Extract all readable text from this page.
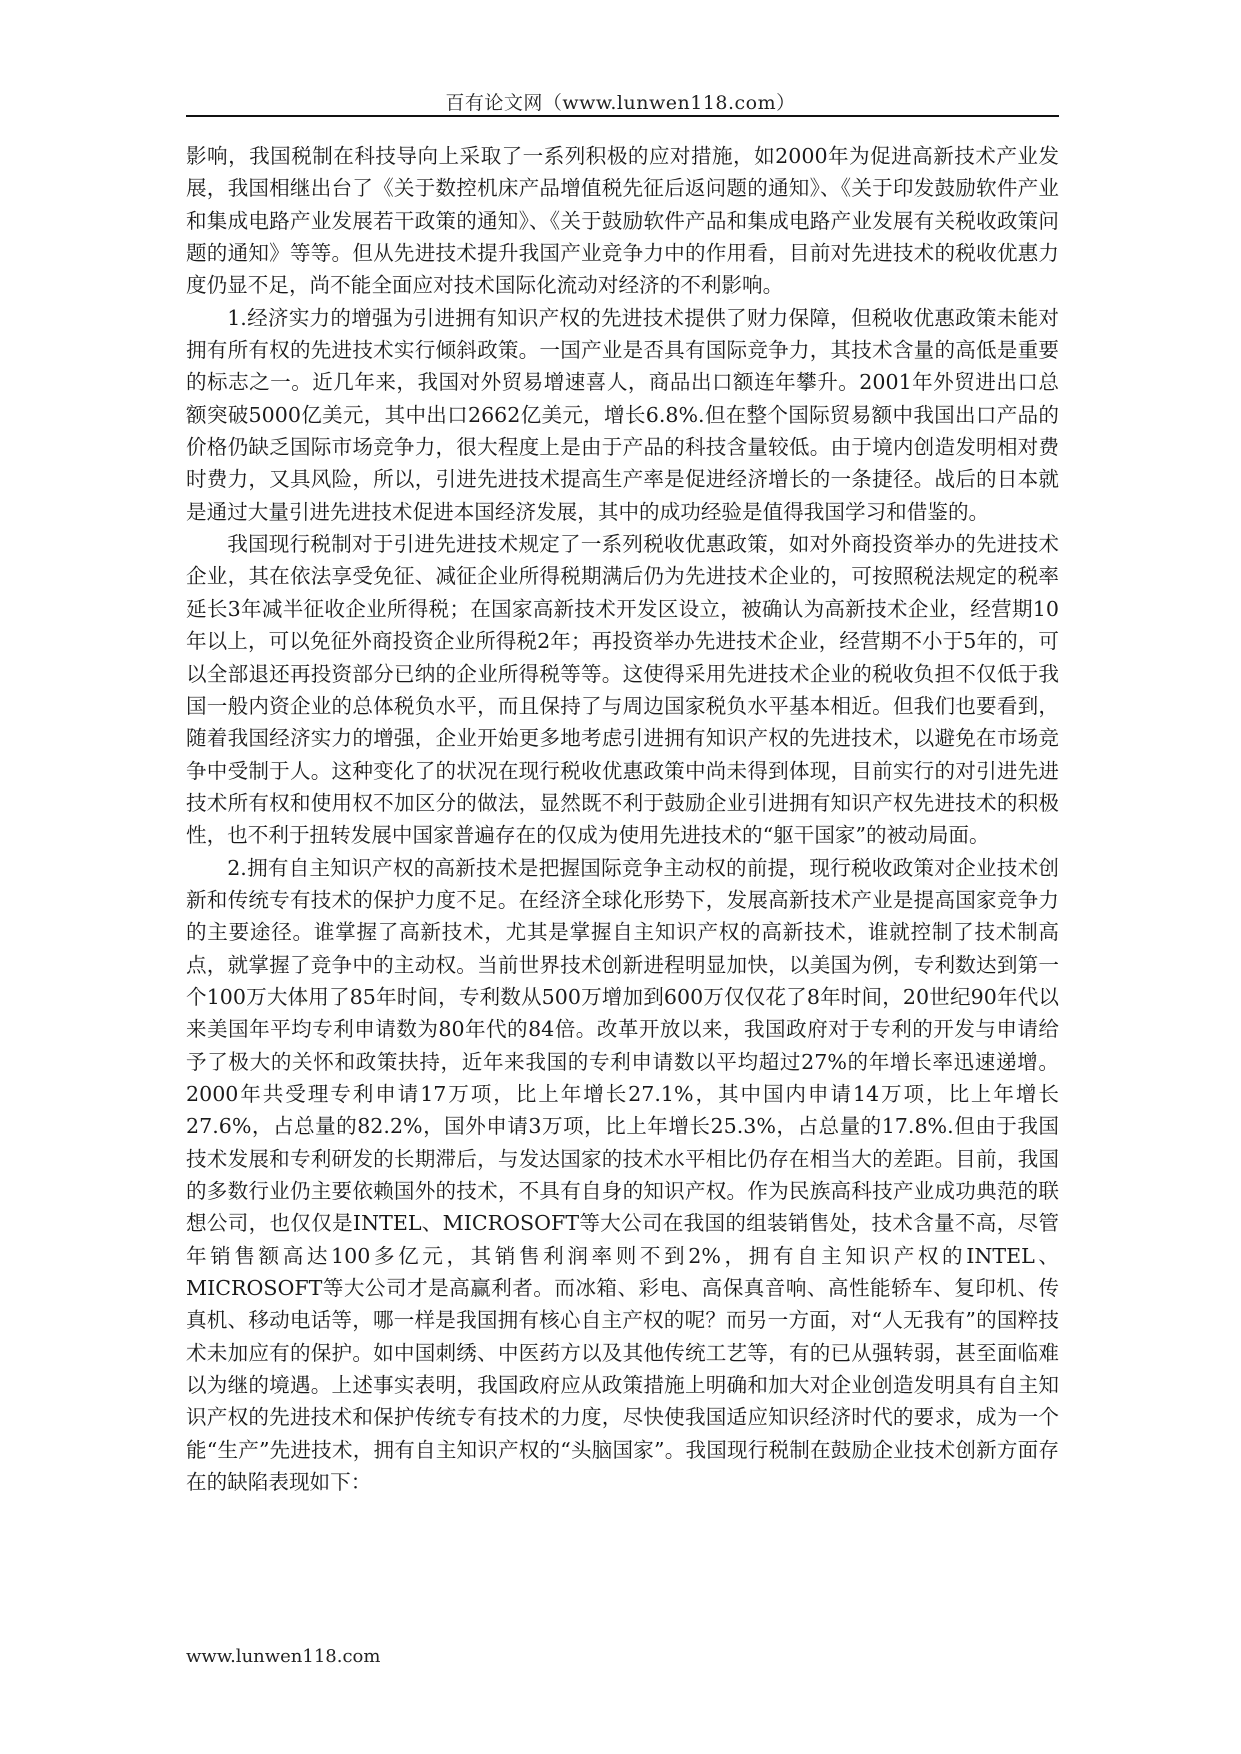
百有论文网（www.lunwen118.com）

影响，我国税制在科技导向上采取了一系列积极的应对措施，如2000年为促进高新技术产业发展，我国相继出台了《关于数控机床产品增值税先征后返问题的通知》、《关于印发鼓励软件产业和集成电路产业发展若干政策的通知》、《关于鼓励软件产品和集成电路产业发展有关税收政策问题的通知》等等。但从先进技术提升我国产业竞争力中的作用看，目前对先进技术的税收优惠力度仍显不足，尚不能全面应对技术国际化流动对经济的不利影响。

1.经济实力的增强为引进拥有知识产权的先进技术提供了财力保障，但税收优惠政策未能对拥有所有权的先进技术实行倾斜政策。一国产业是否具有国际竞争力，其技术含量的高低是重要的标志之一。近几年来，我国对外贸易增速喜人，商品出口额连年攀升。2001年外贸进出口总额突破5000亿美元，其中出口2662亿美元，增长6.8%.但在整个国际贸易额中我国出口产品的价格仍缺乏国际市场竞争力，很大程度上是由于产品的科技含量较低。由于境内创造发明相对费时费力，又具风险，所以，引进先进技术提高生产率是促进经济增长的一条捷径。战后的日本就是通过大量引进先进技术促进本国经济发展，其中的成功经验是值得我国学习和借鉴的。

我国现行税制对于引进先进技术规定了一系列税收优惠政策，如对外商投资举办的先进技术企业，其在依法享受免征、减征企业所得税期满后仍为先进技术企业的，可按照税法规定的税率延长3年减半征收企业所得税；在国家高新技术开发区设立，被确认为高新技术企业，经营期10年以上，可以免征外商投资企业所得税2年；再投资举办先进技术企业，经营期不小于5年的，可以全部退还再投资部分已纳的企业所得税等等。这使得采用先进技术企业的税收负担不仅低于我国一般内资企业的总体税负水平，而且保持了与周边国家税负水平基本相近。但我们也要看到，随着我国经济实力的增强，企业开始更多地考虑引进拥有知识产权的先进技术，以避免在市场竞争中受制于人。这种变化了的状况在现行税收优惠政策中尚未得到体现，目前实行的对引进先进技术所有权和使用权不加区分的做法，显然既不利于鼓励企业引进拥有知识产权先进技术的积极性，也不利于扭转发展中国家普遍存在的仅成为使用先进技术的“躯干国家”的被动局面。

2.拥有自主知识产权的高新技术是把握国际竞争主动权的前提，现行税收政策对企业技术创新和传统专有技术的保护力度不足。在经济全球化形势下，发展高新技术产业是提高国家竞争力的主要途径。谁掌握了高新技术，尤其是掌握自主知识产权的高新技术，谁就控制了技术制高点，就掌握了竞争中的主动权。当前世界技术创新进程明显加快，以美国为例，专利数达到第一个100万大体用了85年时间，专利数从500万增加到600万仅仅花了8年时间，20世纪90年代以来美国年平均专利申请数为80年代的84倍。改革开放以来，我国政府对于专利的开发与申请给予了极大的关怀和政策扶持，近年来我国的专利申请数以平均超过27%的年增长率迅速递增。2000年共受理专利申请17万项，比上年增长27.1%，其中国内申请14万项，比上年增长27.6%，占总量的82.2%，国外申请3万项，比上年增长25.3%，占总量的17.8%.但由于我国技术发展和专利研发的长期滞后，与发达国家的技术水平相比仍存在相当大的差距。目前，我国的多数行业仍主要依赖国外的技术，不具有自身的知识产权。作为民族高科技产业成功典范的联想公司，也仅仅是INTEL、MICROSOFT等大公司在我国的组装销售处，技术含量不高，尽管年销售额高达100多亿元，其销售利润率则不到2%，拥有自主知识产权的INTEL、MICROSOFT等大公司才是高赢利者。而冰箱、彩电、高保真音响、高性能轿车、复印机、传真机、移动电话等，哪一样是我国拥有核心自主产权的呢？而另一方面，对“人无我有”的国粹技术未加应有的保护。如中国刺绣、中医药方以及其他传统工艺等，有的已从强转弱，甚至面临难以为继的境遇。上述事实表明，我国政府应从政策措施上明确和加大对企业创造发明具有自主知识产权的先进技术和保护传统专有技术的力度，尽快使我国适应知识经济时代的要求，成为一个能“生产”先进技术，拥有自主知识产权的“头脑国家”。我国现行税制在鼓励企业技术创新方面存在的缺陷表现如下：

www.lunwen118.com
